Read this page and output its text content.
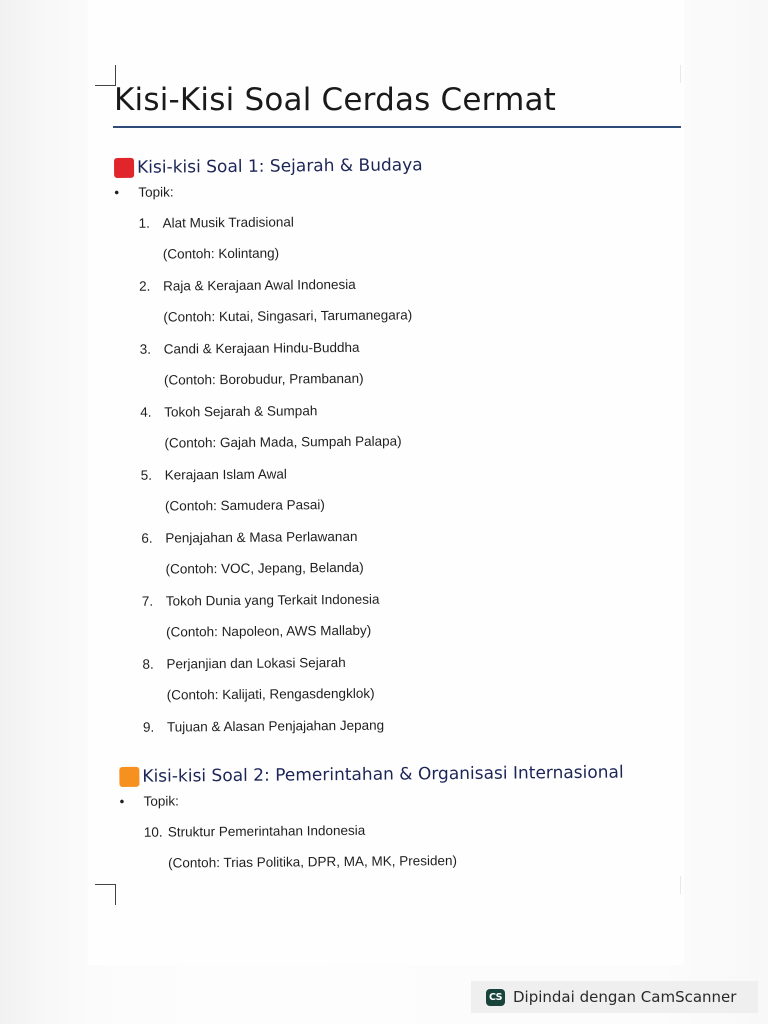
Kisi-Kisi Soal Cerdas Cermat
Kisi-kisi Soal 1: Sejarah & Budaya
• Topik:
1. Alat Musik Tradisional
(Contoh: Kolintang)
2. Raja & Kerajaan Awal Indonesia
(Contoh: Kutai, Singasari, Tarumanegara)
3. Candi & Kerajaan Hindu-Buddha
(Contoh: Borobudur, Prambanan)
4. Tokoh Sejarah & Sumpah
(Contoh: Gajah Mada, Sumpah Palapa)
5. Kerajaan Islam Awal
(Contoh: Samudera Pasai)
6. Penjajahan & Masa Perlawanan
(Contoh: VOC, Jepang, Belanda)
7. Tokoh Dunia yang Terkait Indonesia
(Contoh: Napoleon, AWS Mallaby)
8. Perjanjian dan Lokasi Sejarah
(Contoh: Kalijati, Rengasdengklok)
9. Tujuan & Alasan Penjajahan Jepang
Kisi-kisi Soal 2: Pemerintahan & Organisasi Internasional
• Topik:
10. Struktur Pemerintahan Indonesia
(Contoh: Trias Politika, DPR, MA, MK, Presiden)
CS Dipindai dengan CamScanner
